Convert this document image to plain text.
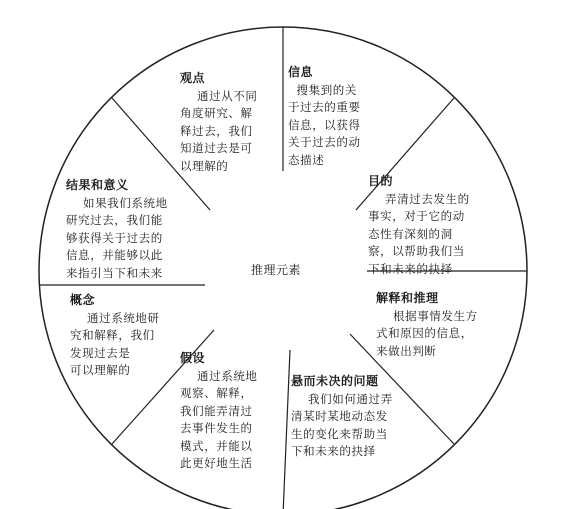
推理元素
观点
通过从不同
角度研究、解
释过去，我们
知道过去是可
以理解的
信息
搜集到的关
于过去的重要
信息，以获得
关于过去的动
态描述
目的
弄清过去发生的
事实，对于它的动
态性有深刻的洞
察，以帮助我们当
下和未来的抉择
解释和推理
根据事情发生方
式和原因的信息，
来做出判断
悬而未决的问题
我们如何通过弄
清某时某地动态发
生的变化来帮助当
下和未来的抉择
假设
通过系统地
观察、解释，
我们能弄清过
去事件发生的
模式，并能以
此更好地生活
概念
通过系统地研
究和解释，我们
发现过去是
可以理解的
结果和意义
如果我们系统地
研究过去，我们能
够获得关于过去的
信息，并能够以此
来指引当下和未来
